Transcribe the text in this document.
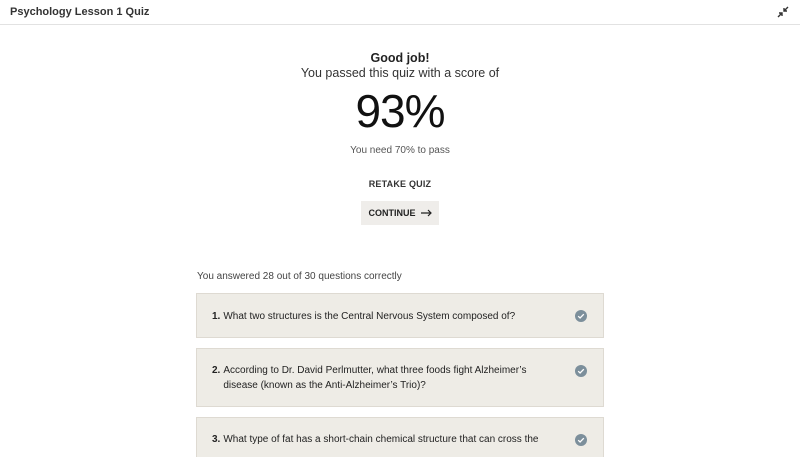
Psychology Lesson 1 Quiz
Good job!
You passed this quiz with a score of
93%
You need 70% to pass
RETAKE QUIZ
CONTINUE
You answered 28 out of 30 questions correctly
1. What two structures is the Central Nervous System composed of?
2. According to Dr. David Perlmutter, what three foods fight Alzheimer’s disease (known as the Anti-Alzheimer’s Trio)?
3. What type of fat has a short-chain chemical structure that can cross the
